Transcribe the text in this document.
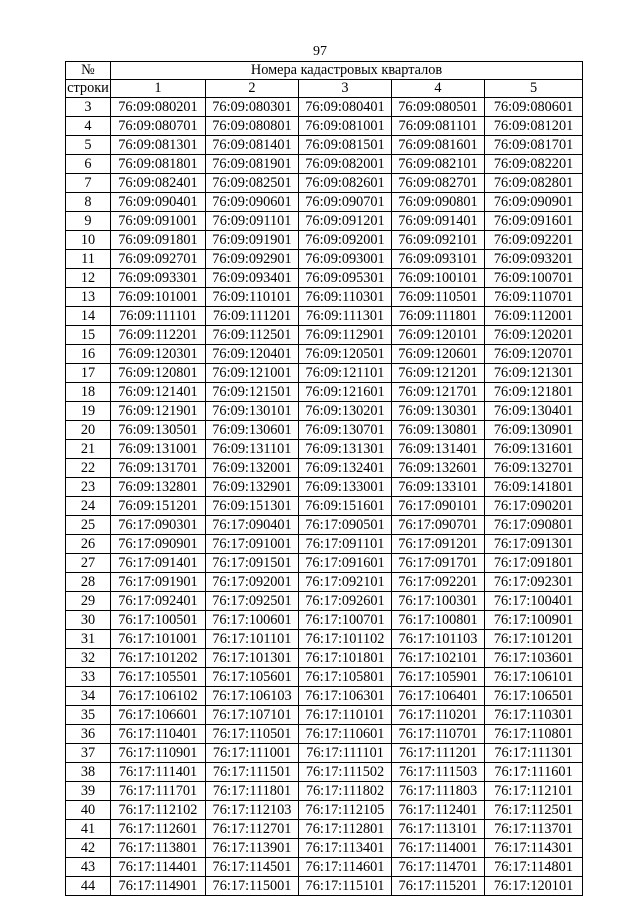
97
№	Номера кадастровых кварталов				
строки	1	2	3	4	5
3	76:09:080201	76:09:080301	76:09:080401	76:09:080501	76:09:080601
4	76:09:080701	76:09:080801	76:09:081001	76:09:081101	76:09:081201
5	76:09:081301	76:09:081401	76:09:081501	76:09:081601	76:09:081701
6	76:09:081801	76:09:081901	76:09:082001	76:09:082101	76:09:082201
7	76:09:082401	76:09:082501	76:09:082601	76:09:082701	76:09:082801
8	76:09:090401	76:09:090601	76:09:090701	76:09:090801	76:09:090901
9	76:09:091001	76:09:091101	76:09:091201	76:09:091401	76:09:091601
10	76:09:091801	76:09:091901	76:09:092001	76:09:092101	76:09:092201
11	76:09:092701	76:09:092901	76:09:093001	76:09:093101	76:09:093201
12	76:09:093301	76:09:093401	76:09:095301	76:09:100101	76:09:100701
13	76:09:101001	76:09:110101	76:09:110301	76:09:110501	76:09:110701
14	76:09:111101	76:09:111201	76:09:111301	76:09:111801	76:09:112001
15	76:09:112201	76:09:112501	76:09:112901	76:09:120101	76:09:120201
16	76:09:120301	76:09:120401	76:09:120501	76:09:120601	76:09:120701
17	76:09:120801	76:09:121001	76:09:121101	76:09:121201	76:09:121301
18	76:09:121401	76:09:121501	76:09:121601	76:09:121701	76:09:121801
19	76:09:121901	76:09:130101	76:09:130201	76:09:130301	76:09:130401
20	76:09:130501	76:09:130601	76:09:130701	76:09:130801	76:09:130901
21	76:09:131001	76:09:131101	76:09:131301	76:09:131401	76:09:131601
22	76:09:131701	76:09:132001	76:09:132401	76:09:132601	76:09:132701
23	76:09:132801	76:09:132901	76:09:133001	76:09:133101	76:09:141801
24	76:09:151201	76:09:151301	76:09:151601	76:17:090101	76:17:090201
25	76:17:090301	76:17:090401	76:17:090501	76:17:090701	76:17:090801
26	76:17:090901	76:17:091001	76:17:091101	76:17:091201	76:17:091301
27	76:17:091401	76:17:091501	76:17:091601	76:17:091701	76:17:091801
28	76:17:091901	76:17:092001	76:17:092101	76:17:092201	76:17:092301
29	76:17:092401	76:17:092501	76:17:092601	76:17:100301	76:17:100401
30	76:17:100501	76:17:100601	76:17:100701	76:17:100801	76:17:100901
31	76:17:101001	76:17:101101	76:17:101102	76:17:101103	76:17:101201
32	76:17:101202	76:17:101301	76:17:101801	76:17:102101	76:17:103601
33	76:17:105501	76:17:105601	76:17:105801	76:17:105901	76:17:106101
34	76:17:106102	76:17:106103	76:17:106301	76:17:106401	76:17:106501
35	76:17:106601	76:17:107101	76:17:110101	76:17:110201	76:17:110301
36	76:17:110401	76:17:110501	76:17:110601	76:17:110701	76:17:110801
37	76:17:110901	76:17:111001	76:17:111101	76:17:111201	76:17:111301
38	76:17:111401	76:17:111501	76:17:111502	76:17:111503	76:17:111601
39	76:17:111701	76:17:111801	76:17:111802	76:17:111803	76:17:112101
40	76:17:112102	76:17:112103	76:17:112105	76:17:112401	76:17:112501
41	76:17:112601	76:17:112701	76:17:112801	76:17:113101	76:17:113701
42	76:17:113801	76:17:113901	76:17:113401	76:17:114001	76:17:114301
43	76:17:114401	76:17:114501	76:17:114601	76:17:114701	76:17:114801
44	76:17:114901	76:17:115001	76:17:115101	76:17:115201	76:17:120101
